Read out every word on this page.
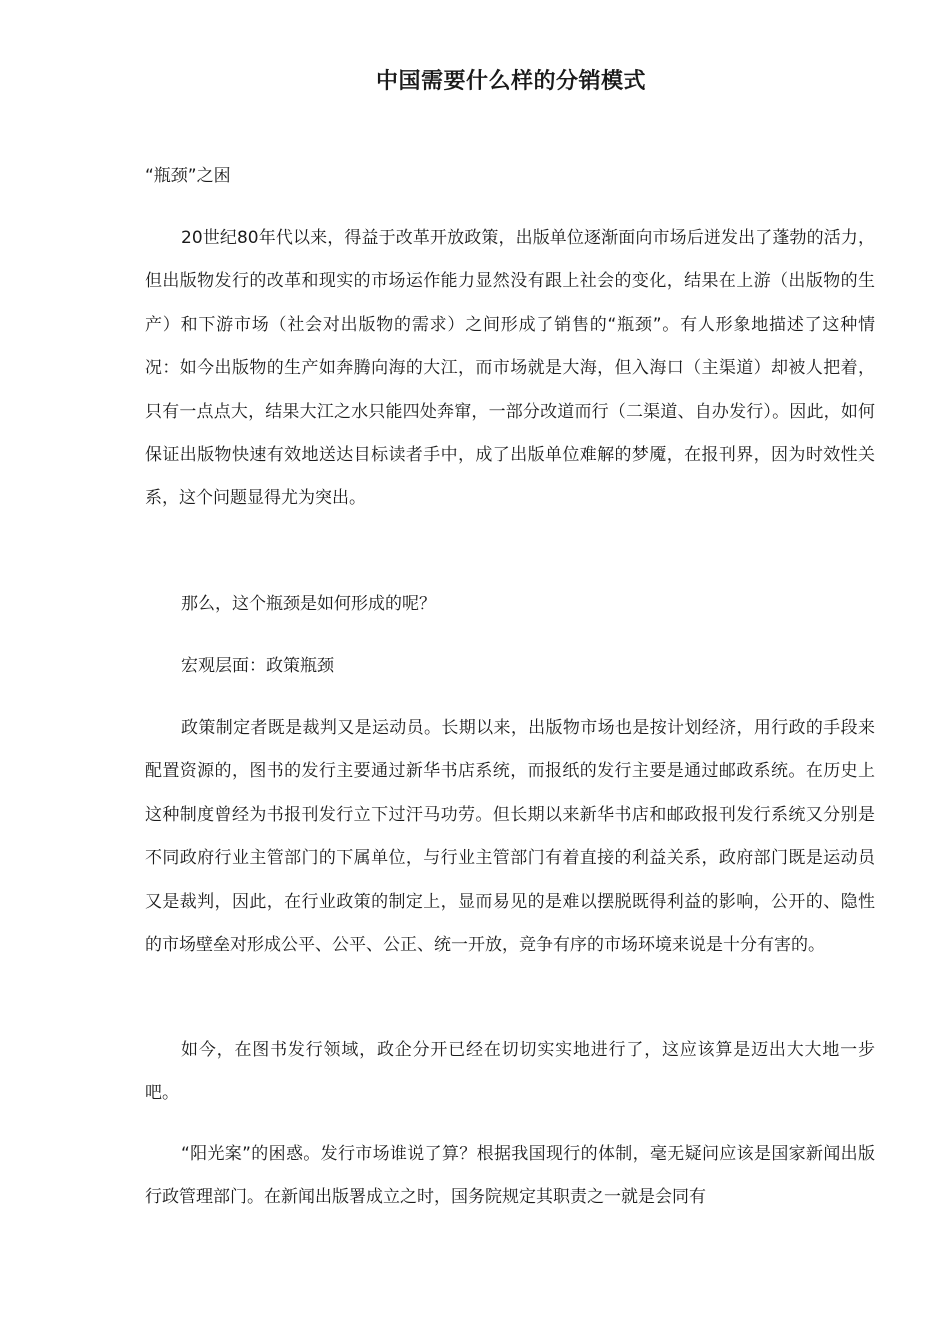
中国需要什么样的分销模式

“瓶颈”之困

20世纪80年代以来，得益于改革开放政策，出版单位逐渐面向市场后迸发出了蓬勃的活力，但出版物发行的改革和现实的市场运作能力显然没有跟上社会的变化，结果在上游（出版物的生产）和下游市场（社会对出版物的需求）之间形成了销售的“瓶颈”。有人形象地描述了这种情况：如今出版物的生产如奔腾向海的大江，而市场就是大海，但入海口（主渠道）却被人把着，只有一点点大，结果大江之水只能四处奔窜，一部分改道而行（二渠道、自办发行）。因此，如何保证出版物快速有效地送达目标读者手中，成了出版单位难解的梦魇，在报刊界，因为时效性关系，这个问题显得尤为突出。

那么，这个瓶颈是如何形成的呢？

宏观层面：政策瓶颈

政策制定者既是裁判又是运动员。长期以来，出版物市场也是按计划经济，用行政的手段来配置资源的，图书的发行主要通过新华书店系统，而报纸的发行主要是通过邮政系统。在历史上这种制度曾经为书报刊发行立下过汗马功劳。但长期以来新华书店和邮政报刊发行系统又分别是不同政府行业主管部门的下属单位，与行业主管部门有着直接的利益关系，政府部门既是运动员又是裁判，因此，在行业政策的制定上，显而易见的是难以摆脱既得利益的影响，公开的、隐性的市场壁垒对形成公平、公平、公正、统一开放，竞争有序的市场环境来说是十分有害的。

如今，在图书发行领域，政企分开已经在切切实实地进行了，这应该算是迈出大大地一步吧。

“阳光案”的困惑。发行市场谁说了算？根据我国现行的体制，毫无疑问应该是国家新闻出版行政管理部门。在新闻出版署成立之时，国务院规定其职责之一就是会同有
